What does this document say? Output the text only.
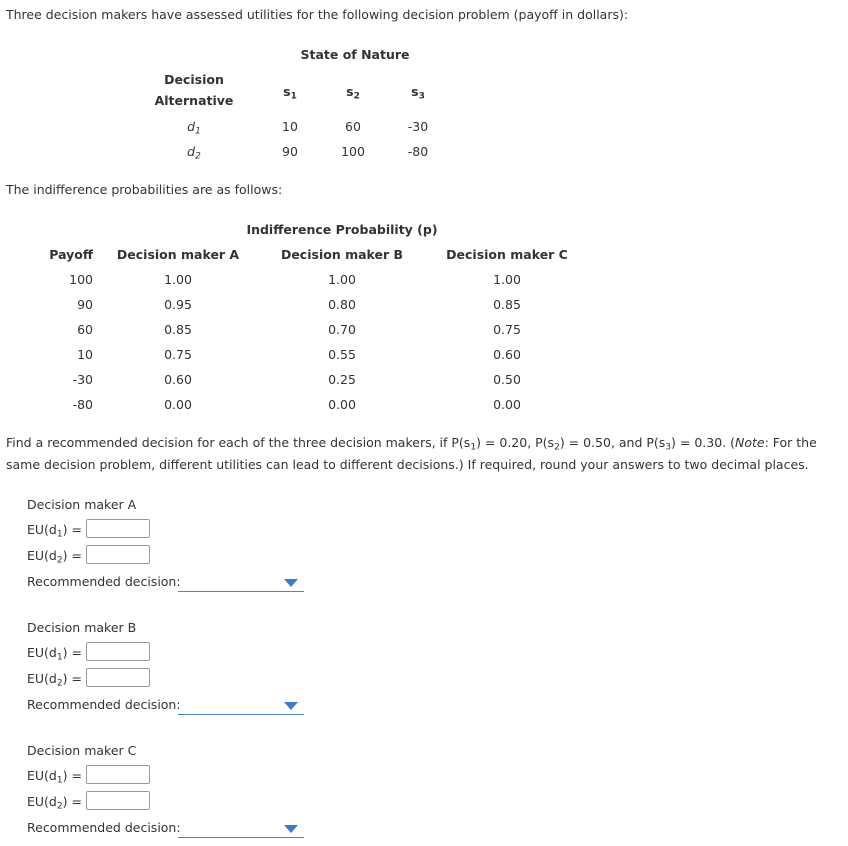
Three decision makers have assessed utilities for the following decision problem (payoff in dollars):
State of Nature
Decision
Alternative
$s_1$	$s_2$	$s_3$
$d_1$	10	60	-30
$d_2$	90	100	-80
The indifference probabilities are as follows:
Indifference Probability (p)
Payoff	Decision maker A	Decision maker B	Decision maker C
100	1.00	1.00	1.00
90	0.95	0.80	0.85
60	0.85	0.70	0.75
10	0.75	0.55	0.60
-30	0.60	0.25	0.50
-80	0.00	0.00	0.00
Find a recommended decision for each of the three decision makers, if $P(s_1) = 0.20$, $P(s_2) = 0.50$, and $P(s_3) = 0.30$. (Note: For the same decision problem, different utilities can lead to different decisions.) If required, round your answers to two decimal places.
Decision maker A
$EU(d_1)$ =
$EU(d_2)$ =
Recommended decision:
Decision maker B
$EU(d_1)$ =
$EU(d_2)$ =
Recommended decision:
Decision maker C
$EU(d_1)$ =
$EU(d_2)$ =
Recommended decision:
